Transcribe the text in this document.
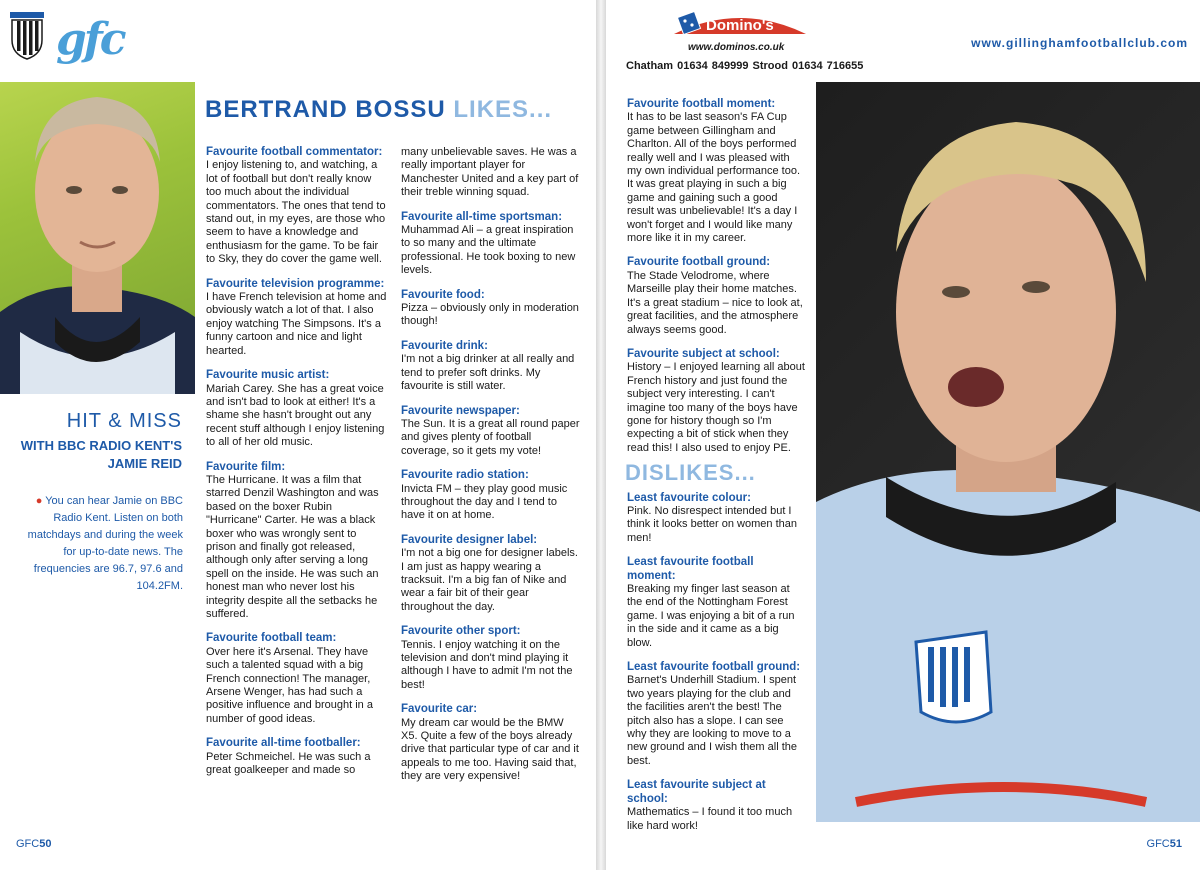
gfc
HIT & MISS
WITH BBC RADIO KENT'S
JAMIE REID
● You can hear Jamie on BBC Radio Kent. Listen on both matchdays and during the week for up-to-date news. The frequencies are 96.7, 97.6 and 104.2FM.
BERTRAND BOSSU LIKES...
Favourite football commentator:
I enjoy listening to, and watching, a lot of football but don't really know too much about the individual commentators. The ones that tend to stand out, in my eyes, are those who seem to have a knowledge and enthusiasm for the game. To be fair to Sky, they do cover the game well.
Favourite television programme:
I have French television at home and obviously watch a lot of that. I also enjoy watching The Simpsons. It's a funny cartoon and nice and light hearted.
Favourite music artist:
Mariah Carey. She has a great voice and isn't bad to look at either! It's a shame she hasn't brought out any recent stuff although I enjoy listening to all of her old music.
Favourite film:
The Hurricane. It was a film that starred Denzil Washington and was based on the boxer Rubin "Hurricane" Carter. He was a black boxer who was wrongly sent to prison and finally got released, although only after serving a long spell on the inside. He was such an honest man who never lost his integrity despite all the setbacks he suffered.
Favourite football team:
Over here it's Arsenal. They have such a talented squad with a big French connection! The manager, Arsene Wenger, has had such a positive influence and brought in a number of good ideas.
Favourite all-time footballer:
Peter Schmeichel. He was such a great goalkeeper and made so
many unbelievable saves. He was a really important player for Manchester United and a key part of their treble winning squad.
Favourite all-time sportsman:
Muhammad Ali – a great inspiration to so many and the ultimate professional. He took boxing to new levels.
Favourite food:
Pizza – obviously only in moderation though!
Favourite drink:
I'm not a big drinker at all really and tend to prefer soft drinks. My favourite is still water.
Favourite newspaper:
The Sun. It is a great all round paper and gives plenty of football coverage, so it gets my vote!
Favourite radio station:
Invicta FM – they play good music throughout the day and I tend to have it on at home.
Favourite designer label:
I'm not a big one for designer labels. I am just as happy wearing a tracksuit. I'm a big fan of Nike and wear a fair bit of their gear throughout the day.
Favourite other sport:
Tennis. I enjoy watching it on the television and don't mind playing it although I have to admit I'm not the best!
Favourite car:
My dream car would be the BMW X5. Quite a few of the boys already drive that particular type of car and it appeals to me too. Having said that, they are very expensive!
GFC50
Domino's
www.dominos.co.uk
Chatham 01634 849999 Strood 01634 716655
www.gillinghamfootballclub.com
Favourite football moment:
It has to be last season's FA Cup game between Gillingham and Charlton. All of the boys performed really well and I was pleased with my own individual performance too. It was great playing in such a big game and gaining such a good result was unbelievable! It's a day I won't forget and I would like many more like it in my career.
Favourite football ground:
The Stade Velodrome, where Marseille play their home matches. It's a great stadium – nice to look at, great facilities, and the atmosphere always seems good.
Favourite subject at school:
History – I enjoyed learning all about French history and just found the subject very interesting. I can't imagine too many of the boys have gone for history though so I'm expecting a bit of stick when they read this! I also used to enjoy PE.
DISLIKES...
Least favourite colour:
Pink. No disrespect intended but I think it looks better on women than men!
Least favourite football moment:
Breaking my finger last season at the end of the Nottingham Forest game. I was enjoying a bit of a run in the side and it came as a big blow.
Least favourite football ground:
Barnet's Underhill Stadium. I spent two years playing for the club and the facilities aren't the best! The pitch also has a slope. I can see why they are looking to move to a new ground and I wish them all the best.
Least favourite subject at school:
Mathematics – I found it too much like hard work!
GFC51
